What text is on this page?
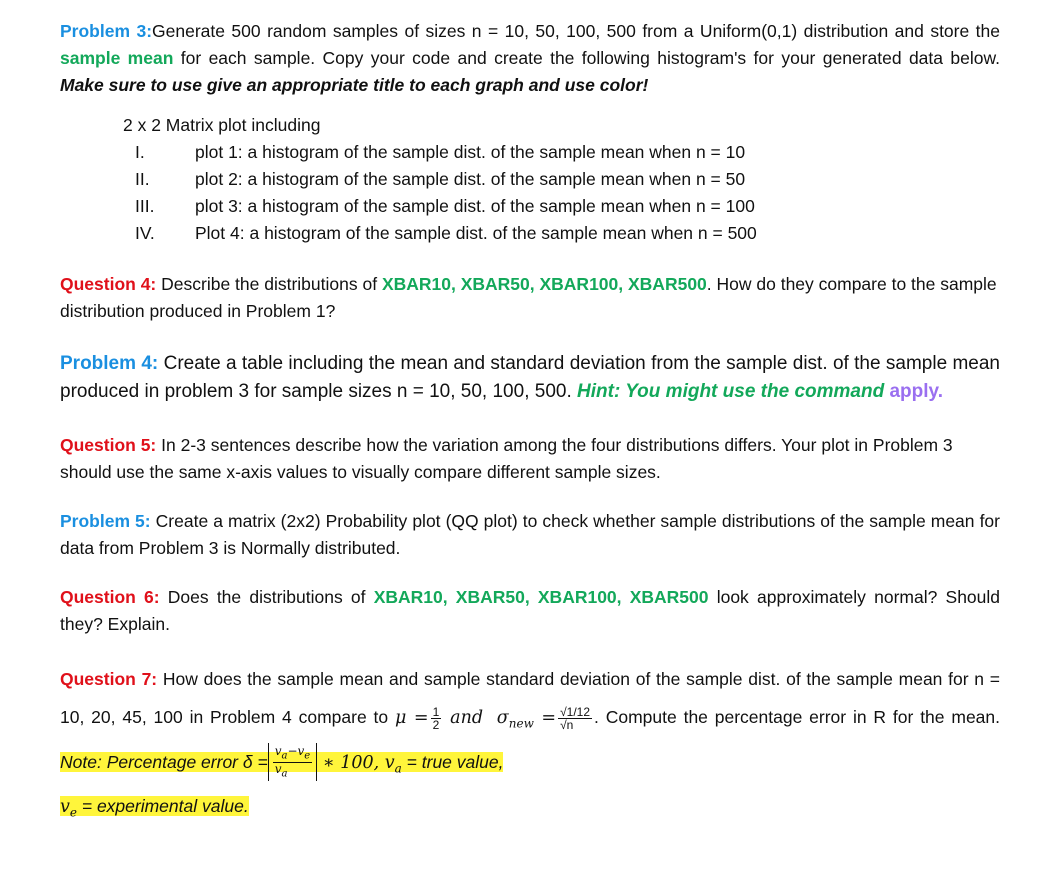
Problem 3:Generate 500 random samples of sizes n = 10, 50, 100, 500 from a Uniform(0,1) distribution and store the sample mean for each sample. Copy your code and create the following histogram's for your generated data below. Make sure to use give an appropriate title to each graph and use color!
2 x 2 Matrix plot including
I.	plot 1: a histogram of the sample dist. of the sample mean when n = 10
II.	plot 2: a histogram of the sample dist. of the sample mean when n = 50
III.	plot 3: a histogram of the sample dist. of the sample mean when n = 100
IV.	Plot 4: a histogram of the sample dist. of the sample mean when n = 500
Question 4: Describe the distributions of XBAR10, XBAR50, XBAR100, XBAR500. How do they compare to the sample distribution produced in Problem 1?
Problem 4: Create a table including the mean and standard deviation from the sample dist. of the sample mean produced in problem 3 for sample sizes n = 10, 50, 100, 500. Hint: You might use the command apply.
Question 5: In 2-3 sentences describe how the variation among the four distributions differs. Your plot in Problem 3 should use the same x-axis values to visually compare different sample sizes.
Problem 5: Create a matrix (2x2) Probability plot (QQ plot) to check whether sample distributions of the sample mean for data from Problem 3 is Normally distributed.
Question 6: Does the distributions of XBAR10, XBAR50, XBAR100, XBAR500 look approximately normal? Should they? Explain.
Question 7: How does the sample mean and sample standard deviation of the sample dist. of the sample mean for n = 10, 20, 45, 100 in Problem 4 compare to $\mu = \frac{1}{2}$ and $\sigma_{new} = \frac{√1/12}{√n}$ . Compute the percentage error in R for the mean. Note: Percentage error $\delta = \frac{v_a-v_e}{v_a}$ ∗ 100, $v_a$ = true value,
$v_e$ = experimental value.
